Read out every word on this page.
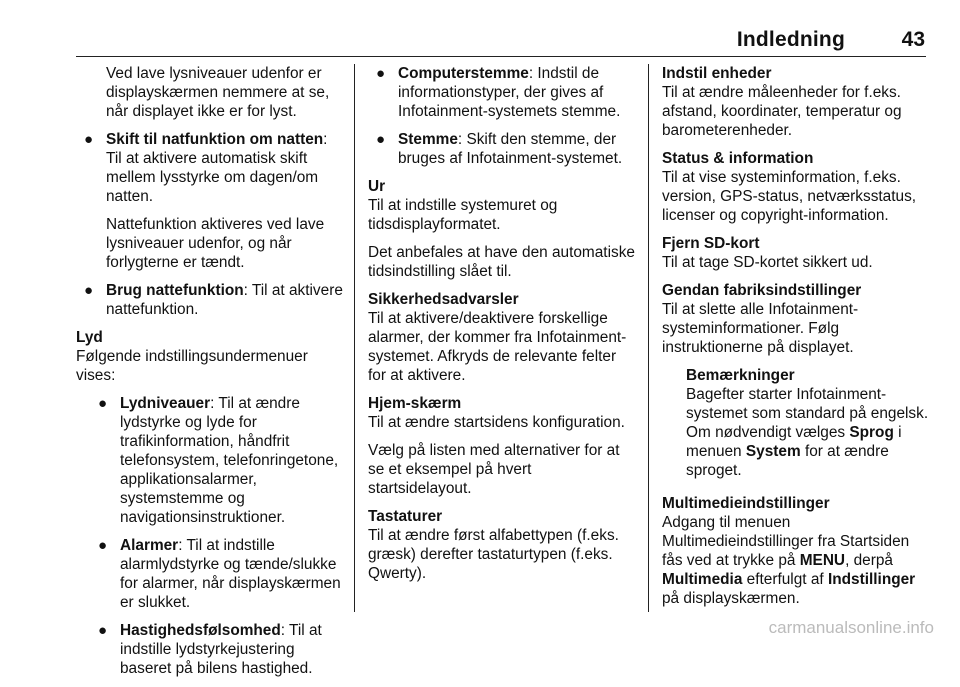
Indledning	43
Ved lave lysniveauer udenfor er displayskærmen nemmere at se, når displayet ikke er for lyst.
● Skift til natfunktion om natten: Til at aktivere automatisk skift mellem lysstyrke om dagen/om natten.
Nattefunktion aktiveres ved lave lysniveauer udenfor, og når forlygterne er tændt.
● Brug nattefunktion: Til at aktivere nattefunktion.
Lyd
Følgende indstillingsundermenuer vises:
● Lydniveauer: Til at ændre lydstyrke og lyde for trafikinformation, håndfrit telefonsystem, telefonringetone, applikationsalarmer, systemstemme og navigationsinstruktioner.
● Alarmer: Til at indstille alarmlydstyrke og tænde/slukke for alarmer, når displayskærmen er slukket.
● Hastighedsfølsomhed: Til at indstille lydstyrkejustering baseret på bilens hastighed.
● Computerstemme: Indstil de informationstyper, der gives af Infotainment-systemets stemme.
● Stemme: Skift den stemme, der bruges af Infotainment-systemet.
Ur
Til at indstille systemuret og tidsdisplayformatet.
Det anbefales at have den automatiske tidsindstilling slået til.
Sikkerhedsadvarsler
Til at aktivere/deaktivere forskellige alarmer, der kommer fra Infotainment-systemet. Afkryds de relevante felter for at aktivere.
Hjem-skærm
Til at ændre startsidens konfiguration.
Vælg på listen med alternativer for at se et eksempel på hvert startsidelayout.
Tastaturer
Til at ændre først alfabettypen (f.eks. græsk) derefter tastaturtypen (f.eks. Qwerty).
Indstil enheder
Til at ændre måleenheder for f.eks. afstand, koordinater, temperatur og barometerenheder.
Status & information
Til at vise systeminformation, f.eks. version, GPS-status, netværksstatus, licenser og copyright-information.
Fjern SD-kort
Til at tage SD-kortet sikkert ud.
Gendan fabriksindstillinger
Til at slette alle Infotainment-systeminformationer. Følg instruktionerne på displayet.
Bemærkninger
Bagefter starter Infotainment-systemet som standard på engelsk. Om nødvendigt vælges Sprog i menuen System for at ændre sproget.
Multimedieindstillinger
Adgang til menuen Multimedieindstillinger fra Startsiden fås ved at trykke på MENU, derpå Multimedia efterfulgt af Indstillinger på displayskærmen.
carmanualsonline.info
